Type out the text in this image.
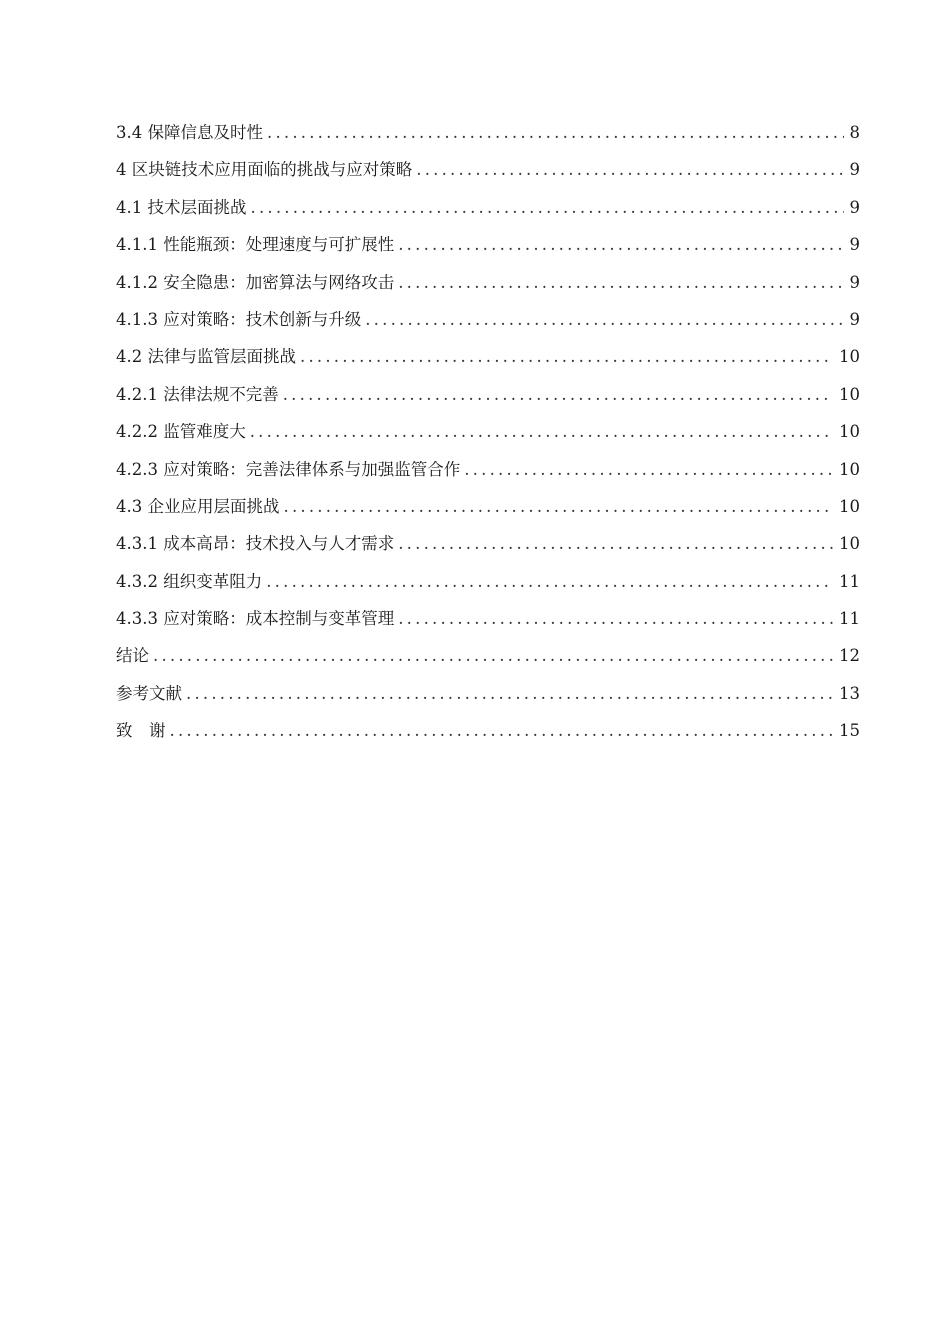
3.4 保障信息及时性 .....	8
4 区块链技术应用面临的挑战与应对策略 .....	9
4.1 技术层面挑战 .....	9
4.1.1 性能瓶颈：处理速度与可扩展性 .....	9
4.1.2 安全隐患：加密算法与网络攻击 .....	9
4.1.3 应对策略：技术创新与升级 .....	9
4.2 法律与监管层面挑战 .....	10
4.2.1 法律法规不完善 .....	10
4.2.2 监管难度大 .....	10
4.2.3 应对策略：完善法律体系与加强监管合作 .....	10
4.3 企业应用层面挑战 .....	10
4.3.1 成本高昂：技术投入与人才需求 .....	10
4.3.2 组织变革阻力 .....	11
4.3.3 应对策略：成本控制与变革管理 .....	11
结论 .....	12
参考文献 .....	13
致　谢 .....	15
